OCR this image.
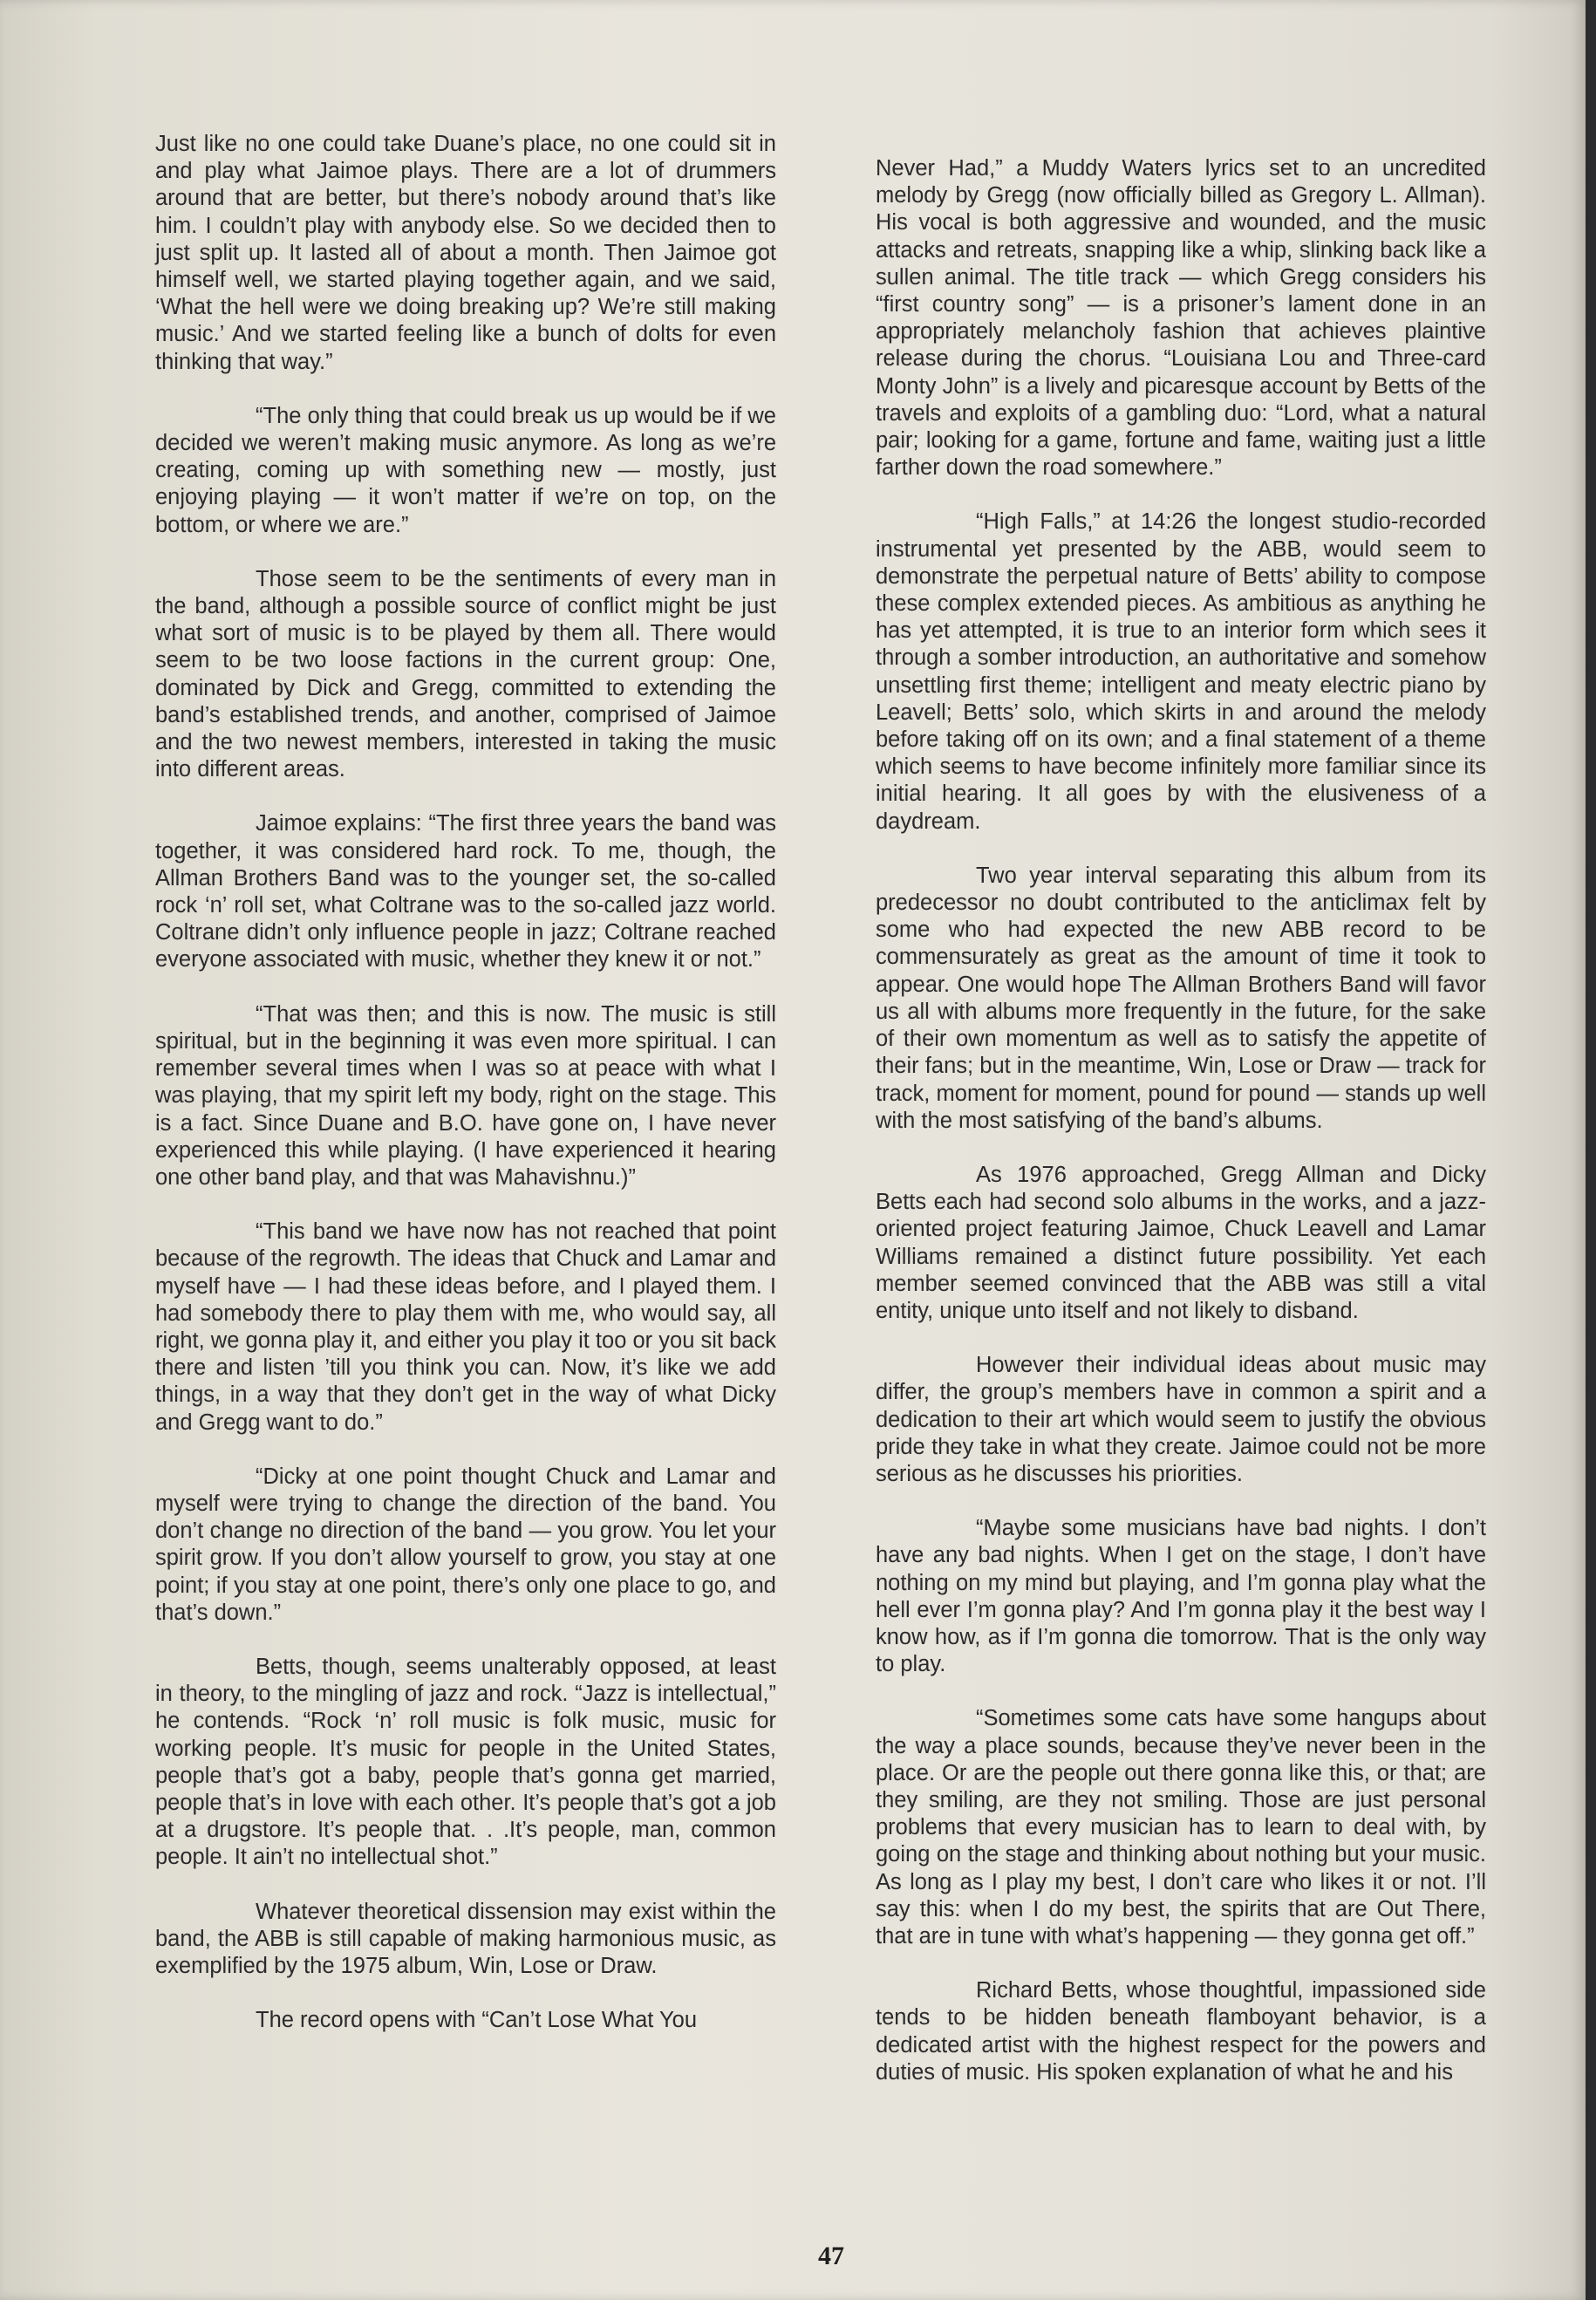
Just like no one could take Duane’s place, no one could sit in and play what Jaimoe plays. There are a lot of drummers around that are better, but there’s nobody around that’s like him. I couldn’t play with anybody else. So we decided then to just split up. It lasted all of about a month. Then Jaimoe got himself well, we started playing together again, and we said, ‘What the hell were we doing breaking up? We’re still making music.’ And we started feeling like a bunch of dolts for even thinking that way.”

“The only thing that could break us up would be if we decided we weren’t making music anymore. As long as we’re creating, coming up with something new — mostly, just enjoying playing — it won’t matter if we’re on top, on the bottom, or where we are.”

Those seem to be the sentiments of every man in the band, although a possible source of conflict might be just what sort of music is to be played by them all. There would seem to be two loose factions in the current group: One, dominated by Dick and Gregg, committed to extending the band’s established trends, and another, comprised of Jaimoe and the two newest members, interested in taking the music into different areas.

Jaimoe explains: “The first three years the band was together, it was considered hard rock. To me, though, the Allman Brothers Band was to the younger set, the so-called rock ‘n’ roll set, what Coltrane was to the so-called jazz world. Coltrane didn’t only influence people in jazz; Coltrane reached everyone associated with music, whether they knew it or not.”

“That was then; and this is now. The music is still spiritual, but in the beginning it was even more spiritual. I can remember several times when I was so at peace with what I was playing, that my spirit left my body, right on the stage. This is a fact. Since Duane and B.O. have gone on, I have never experienced this while playing. (I have experienced it hearing one other band play, and that was Mahavishnu.)”

“This band we have now has not reached that point because of the regrowth. The ideas that Chuck and Lamar and myself have — I had these ideas before, and I played them. I had somebody there to play them with me, who would say, all right, we gonna play it, and either you play it too or you sit back there and listen ’till you think you can. Now, it’s like we add things, in a way that they don’t get in the way of what Dicky and Gregg want to do.”

“Dicky at one point thought Chuck and Lamar and myself were trying to change the direction of the band. You don’t change no direction of the band — you grow. You let your spirit grow. If you don’t allow yourself to grow, you stay at one point; if you stay at one point, there’s only one place to go, and that’s down.”

Betts, though, seems unalterably opposed, at least in theory, to the mingling of jazz and rock. “Jazz is intellectual,” he contends. “Rock ‘n’ roll music is folk music, music for working people. It’s music for people in the United States, people that’s got a baby, people that’s gonna get married, people that’s in love with each other. It’s people that’s got a job at a drugstore. It’s people that. . .It’s people, man, common people. It ain’t no intellectual shot.”

Whatever theoretical dissension may exist within the band, the ABB is still capable of making harmonious music, as exemplified by the 1975 album, Win, Lose or Draw.

The record opens with “Can’t Lose What You

Never Had,” a Muddy Waters lyrics set to an uncredited melody by Gregg (now officially billed as Gregory L. Allman). His vocal is both aggressive and wounded, and the music attacks and retreats, snapping like a whip, slinking back like a sullen animal. The title track — which Gregg considers his “first country song” — is a prisoner’s lament done in an appropriately melancholy fashion that achieves plaintive release during the chorus. “Louisiana Lou and Three-card Monty John” is a lively and picaresque account by Betts of the travels and exploits of a gambling duo: “Lord, what a natural pair; looking for a game, fortune and fame, waiting just a little farther down the road somewhere.”

“High Falls,” at 14:26 the longest studio-recorded instrumental yet presented by the ABB, would seem to demonstrate the perpetual nature of Betts’ ability to compose these complex extended pieces. As ambitious as anything he has yet attempted, it is true to an interior form which sees it through a somber introduction, an authoritative and somehow unsettling first theme; intelligent and meaty electric piano by Leavell; Betts’ solo, which skirts in and around the melody before taking off on its own; and a final statement of a theme which seems to have become infinitely more familiar since its initial hearing. It all goes by with the elusiveness of a daydream.

Two year interval separating this album from its predecessor no doubt contributed to the anticlimax felt by some who had expected the new ABB record to be commensurately as great as the amount of time it took to appear. One would hope The Allman Brothers Band will favor us all with albums more frequently in the future, for the sake of their own momentum as well as to satisfy the appetite of their fans; but in the meantime, Win, Lose or Draw — track for track, moment for moment, pound for pound — stands up well with the most satisfying of the band’s albums.

As 1976 approached, Gregg Allman and Dicky Betts each had second solo albums in the works, and a jazz-oriented project featuring Jaimoe, Chuck Leavell and Lamar Williams remained a distinct future possibility. Yet each member seemed convinced that the ABB was still a vital entity, unique unto itself and not likely to disband.

However their individual ideas about music may differ, the group’s members have in common a spirit and a dedication to their art which would seem to justify the obvious pride they take in what they create. Jaimoe could not be more serious as he discusses his priorities.

“Maybe some musicians have bad nights. I don’t have any bad nights. When I get on the stage, I don’t have nothing on my mind but playing, and I’m gonna play what the hell ever I’m gonna play? And I’m gonna play it the best way I know how, as if I’m gonna die tomorrow. That is the only way to play.

“Sometimes some cats have some hangups about the way a place sounds, because they’ve never been in the place. Or are the people out there gonna like this, or that; are they smiling, are they not smiling. Those are just personal problems that every musician has to learn to deal with, by going on the stage and thinking about nothing but your music. As long as I play my best, I don’t care who likes it or not. I’ll say this: when I do my best, the spirits that are Out There, that are in tune with what’s happening — they gonna get off.”

Richard Betts, whose thoughtful, impassioned side tends to be hidden beneath flamboyant behavior, is a dedicated artist with the highest respect for the powers and duties of music. His spoken explanation of what he and his

47
